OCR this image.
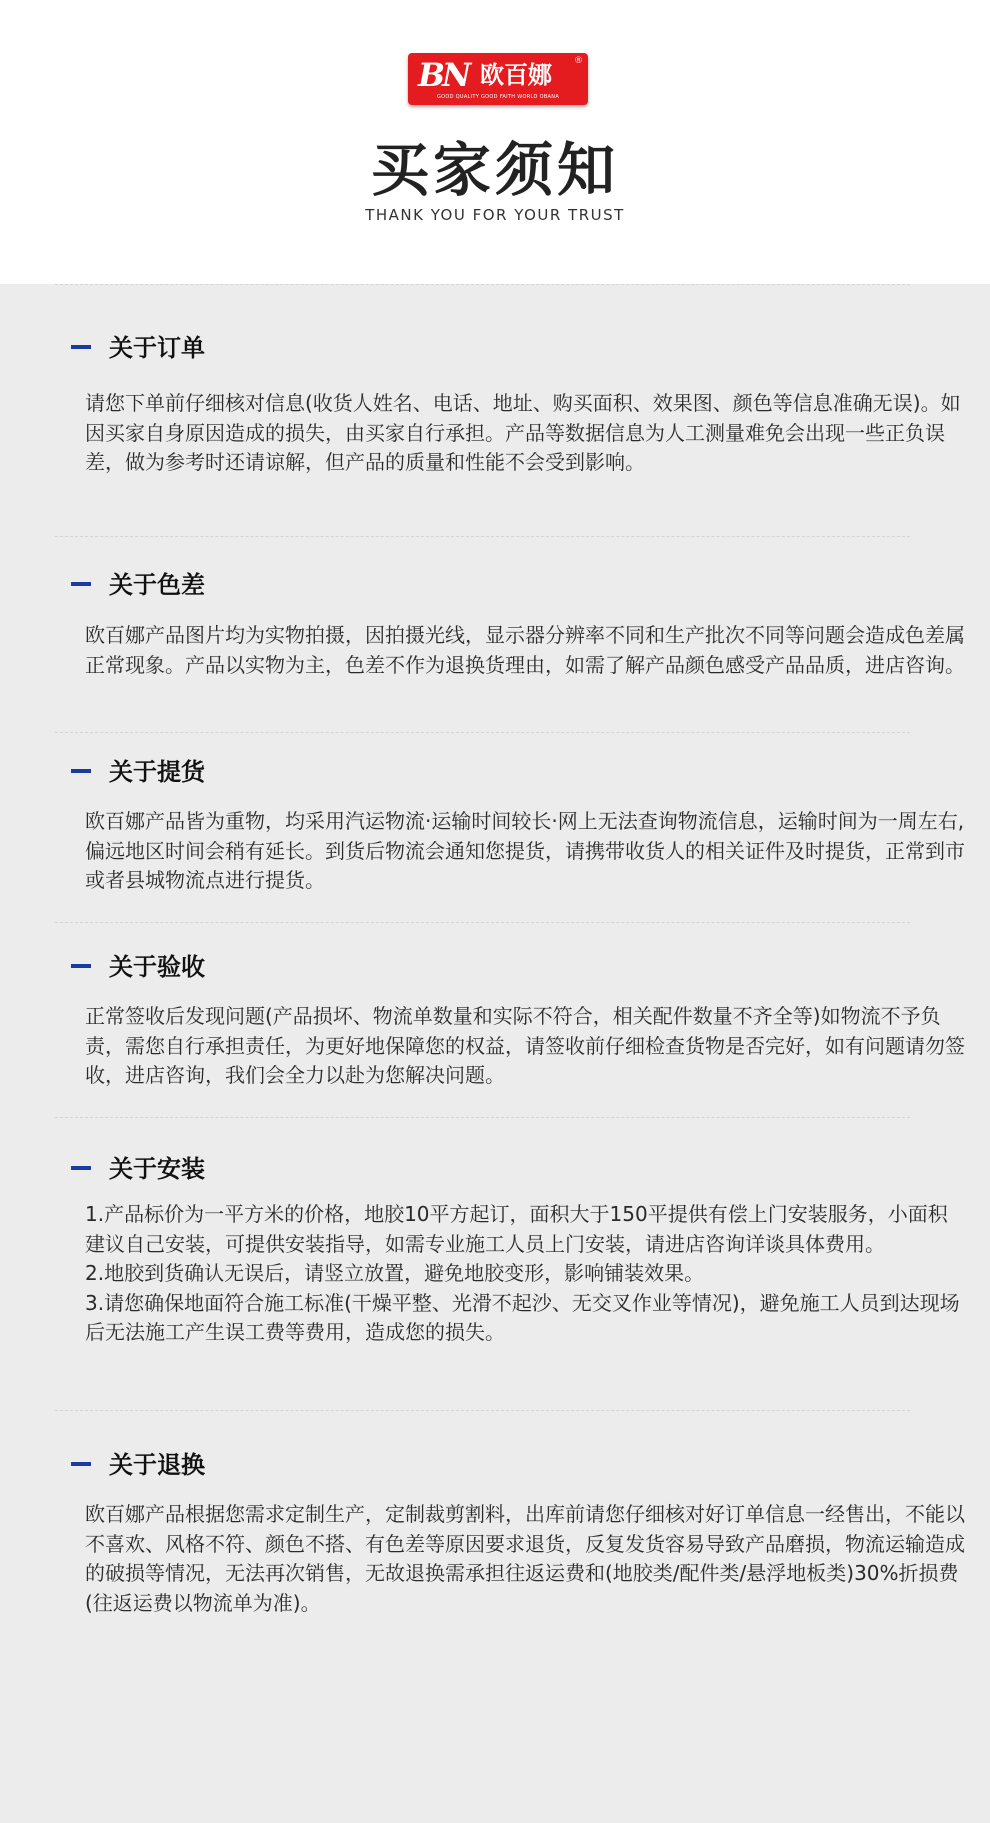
BN 欧百娜 ®
GOOD QUALITY GOOD FAITH WORLD OBANA
买家须知
THANK YOU FOR YOUR TRUST
关于订单

请您下单前仔细核对信息(收货人姓名、电话、地址、购买面积、效果图、颜色等信息准确无误)。如因买家自身原因造成的损失，由买家自行承担。产品等数据信息为人工测量难免会出现一些正负误差，做为参考时还请谅解，但产品的质量和性能不会受到影响。

关于色差

欧百娜产品图片均为实物拍摄，因拍摄光线，显示器分辨率不同和生产批次不同等问题会造成色差属正常现象。产品以实物为主，色差不作为退换货理由，如需了解产品颜色感受产品品质，进店咨询。

关于提货

欧百娜产品皆为重物，均采用汽运物流·运输时间较长·网上无法查询物流信息，运输时间为一周左右,偏远地区时间会稍有延长。到货后物流会通知您提货，请携带收货人的相关证件及时提货，正常到市或者县城物流点进行提货。

关于验收

正常签收后发现问题(产品损坏、物流单数量和实际不符合，相关配件数量不齐全等)如物流不予负责，需您自行承担责任，为更好地保障您的权益，请签收前仔细检查货物是否完好，如有问题请勿签收，进店咨询，我们会全力以赴为您解决问题。

关于安装

1.产品标价为一平方米的价格，地胶10平方起订，面积大于150平提供有偿上门安装服务，小面积建议自己安装，可提供安装指导，如需专业施工人员上门安装，请进店咨询详谈具体费用。

2.地胶到货确认无误后，请竖立放置，避免地胶变形，影响铺装效果。

3.请您确保地面符合施工标准(干燥平整、光滑不起沙、无交叉作业等情况)，避免施工人员到达现场后无法施工产生误工费等费用，造成您的损失。

关于退换

欧百娜产品根据您需求定制生产，定制裁剪割料，出库前请您仔细核对好订单信息一经售出，不能以不喜欢、风格不符、颜色不搭、有色差等原因要求退货，反复发货容易导致产品磨损，物流运输造成的破损等情况，无法再次销售，无故退换需承担往返运费和(地胶类/配件类/悬浮地板类)30%折损费(往返运费以物流单为准)。
